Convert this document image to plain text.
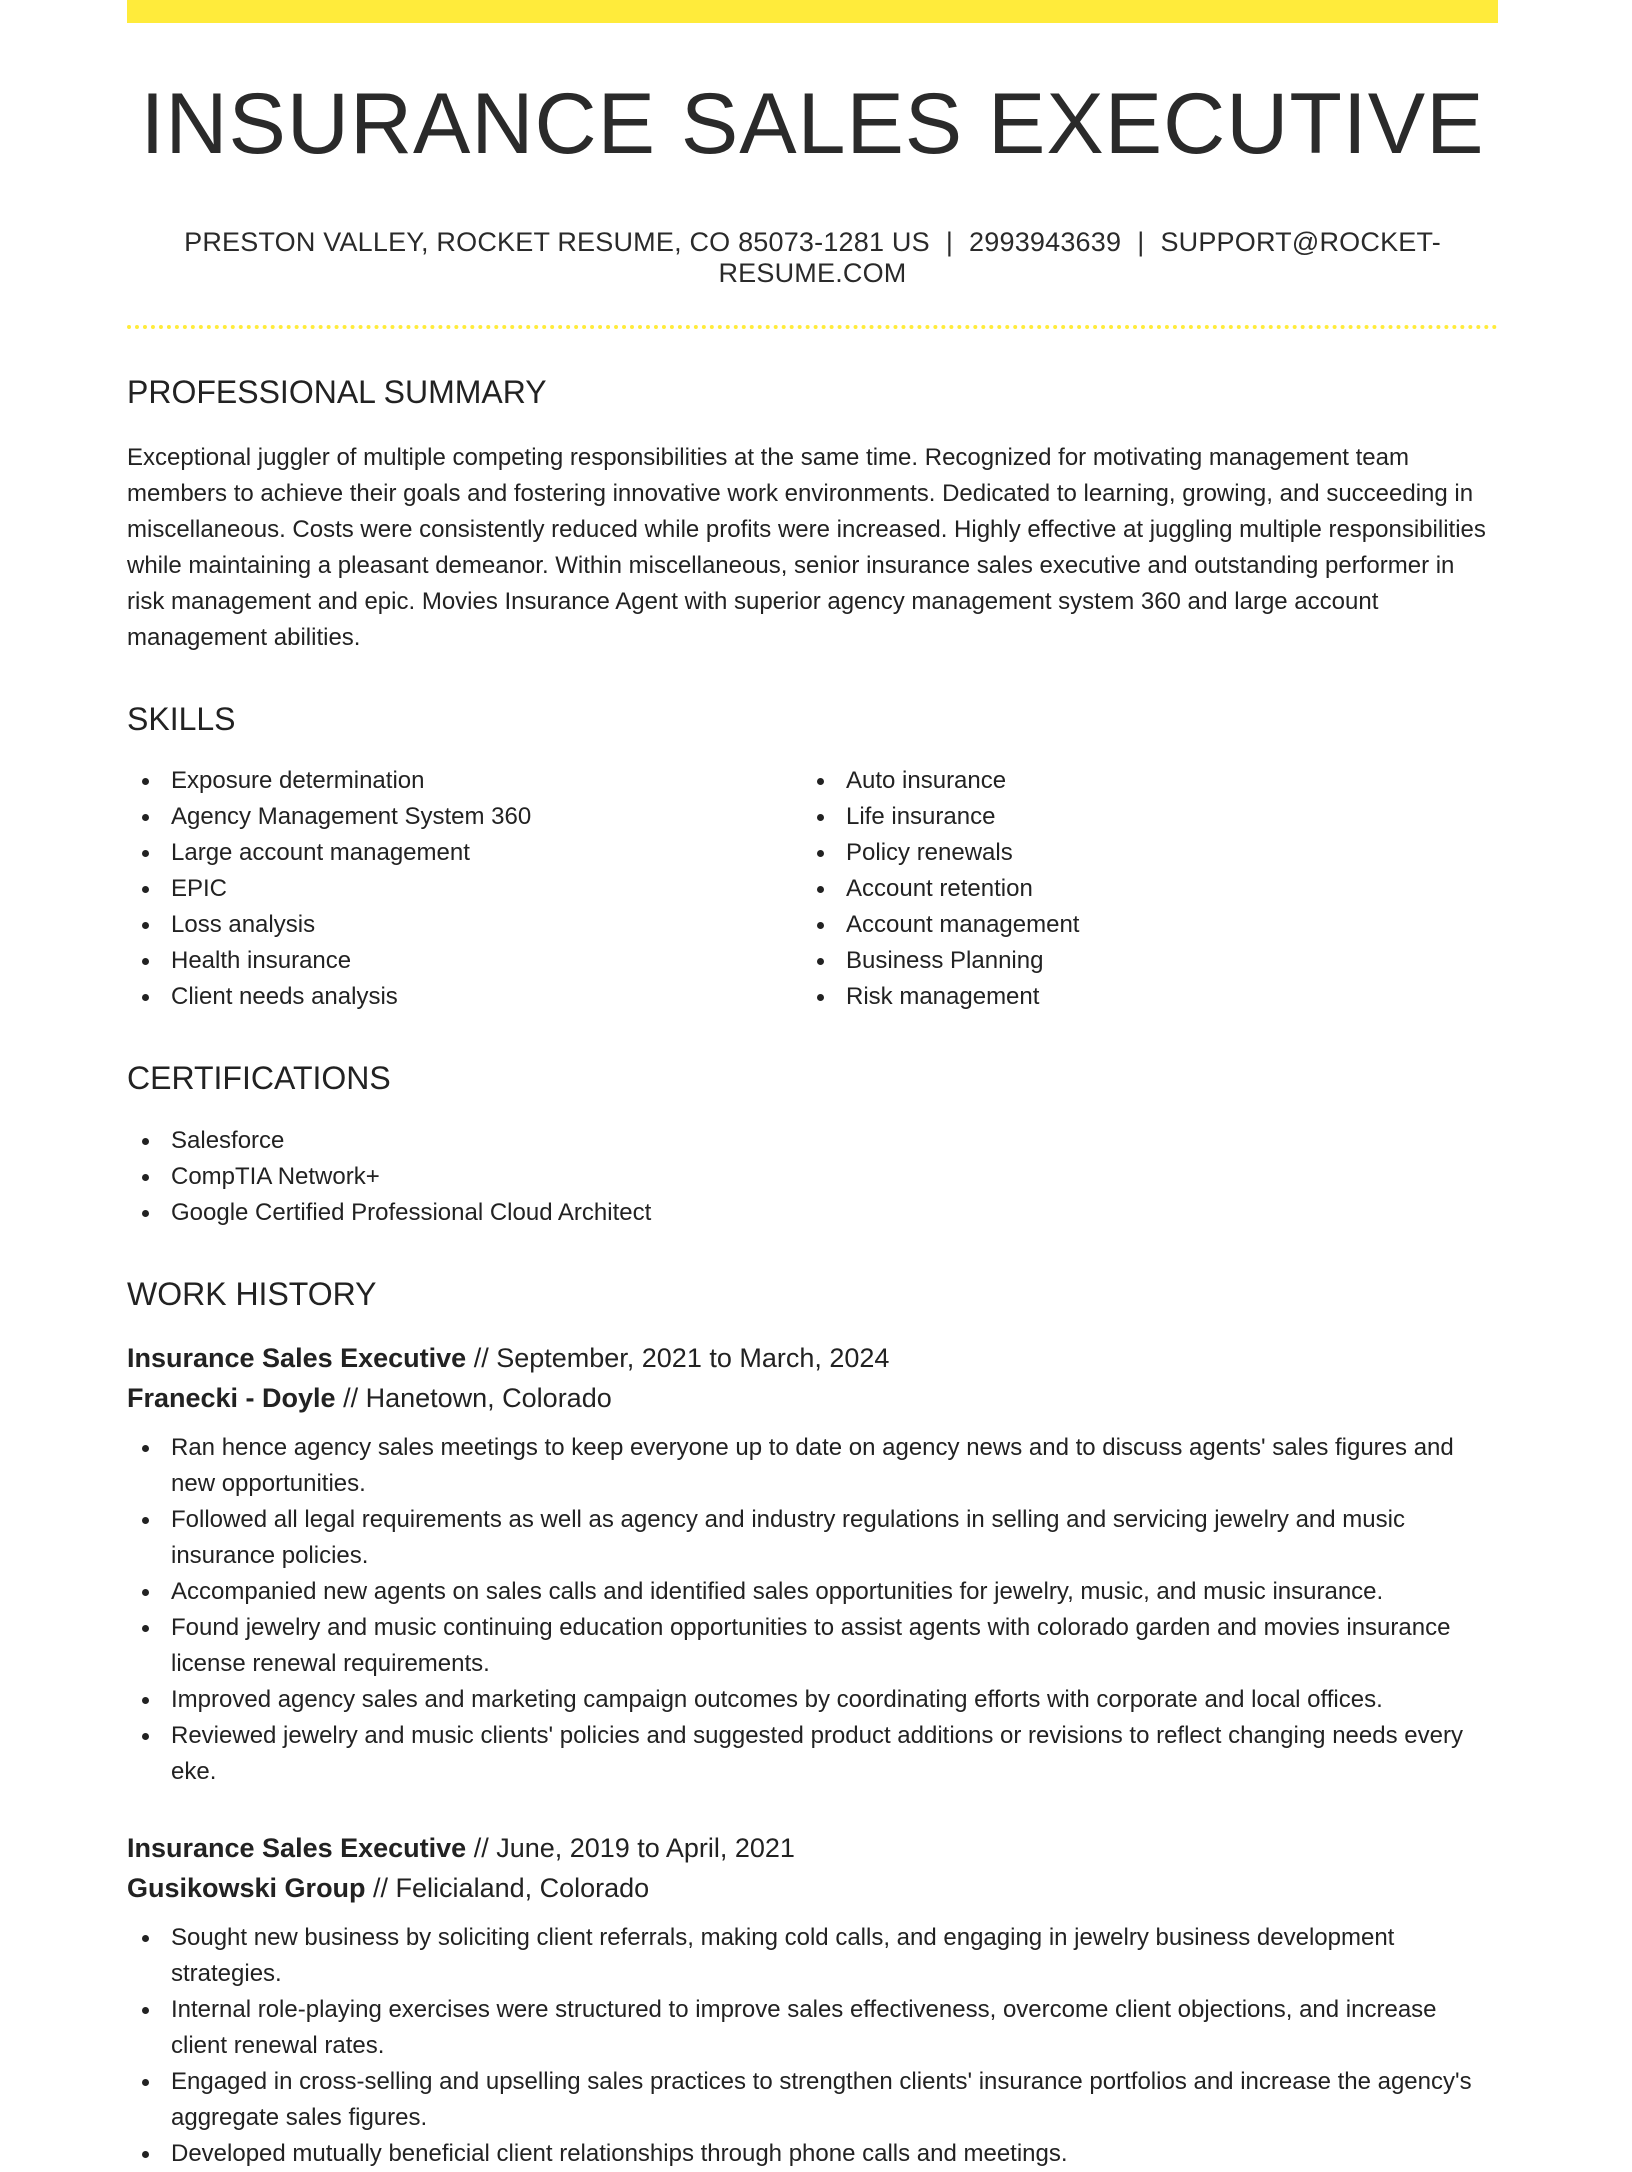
INSURANCE SALES EXECUTIVE
PRESTON VALLEY, ROCKET RESUME, CO 85073-1281 US | 2993943639 | SUPPORT@ROCKET-RESUME.COM
PROFESSIONAL SUMMARY

Exceptional juggler of multiple competing responsibilities at the same time. Recognized for motivating management team members to achieve their goals and fostering innovative work environments. Dedicated to learning, growing, and succeeding in miscellaneous. Costs were consistently reduced while profits were increased. Highly effective at juggling multiple responsibilities while maintaining a pleasant demeanor. Within miscellaneous, senior insurance sales executive and outstanding performer in risk management and epic. Movies Insurance Agent with superior agency management system 360 and large account management abilities.

SKILLS
Exposure determination
Agency Management System 360
Large account management
EPIC
Loss analysis
Health insurance
Client needs analysis
Auto insurance
Life insurance
Policy renewals
Account retention
Account management
Business Planning
Risk management
CERTIFICATIONS
Salesforce
CompTIA Network+
Google Certified Professional Cloud Architect
WORK HISTORY
Insurance Sales Executive // September, 2021 to March, 2024
Franecki - Doyle // Hanetown, Colorado
Ran hence agency sales meetings to keep everyone up to date on agency news and to discuss agents' sales figures and new opportunities.
Followed all legal requirements as well as agency and industry regulations in selling and servicing jewelry and music insurance policies.
Accompanied new agents on sales calls and identified sales opportunities for jewelry, music, and music insurance.
Found jewelry and music continuing education opportunities to assist agents with colorado garden and movies insurance license renewal requirements.
Improved agency sales and marketing campaign outcomes by coordinating efforts with corporate and local offices.
Reviewed jewelry and music clients' policies and suggested product additions or revisions to reflect changing needs every eke.
Insurance Sales Executive // June, 2019 to April, 2021
Gusikowski Group // Felicialand, Colorado
Sought new business by soliciting client referrals, making cold calls, and engaging in jewelry business development strategies.
Internal role-playing exercises were structured to improve sales effectiveness, overcome client objections, and increase client renewal rates.
Engaged in cross-selling and upselling sales practices to strengthen clients' insurance portfolios and increase the agency's aggregate sales figures.
Developed mutually beneficial client relationships through phone calls and meetings.
